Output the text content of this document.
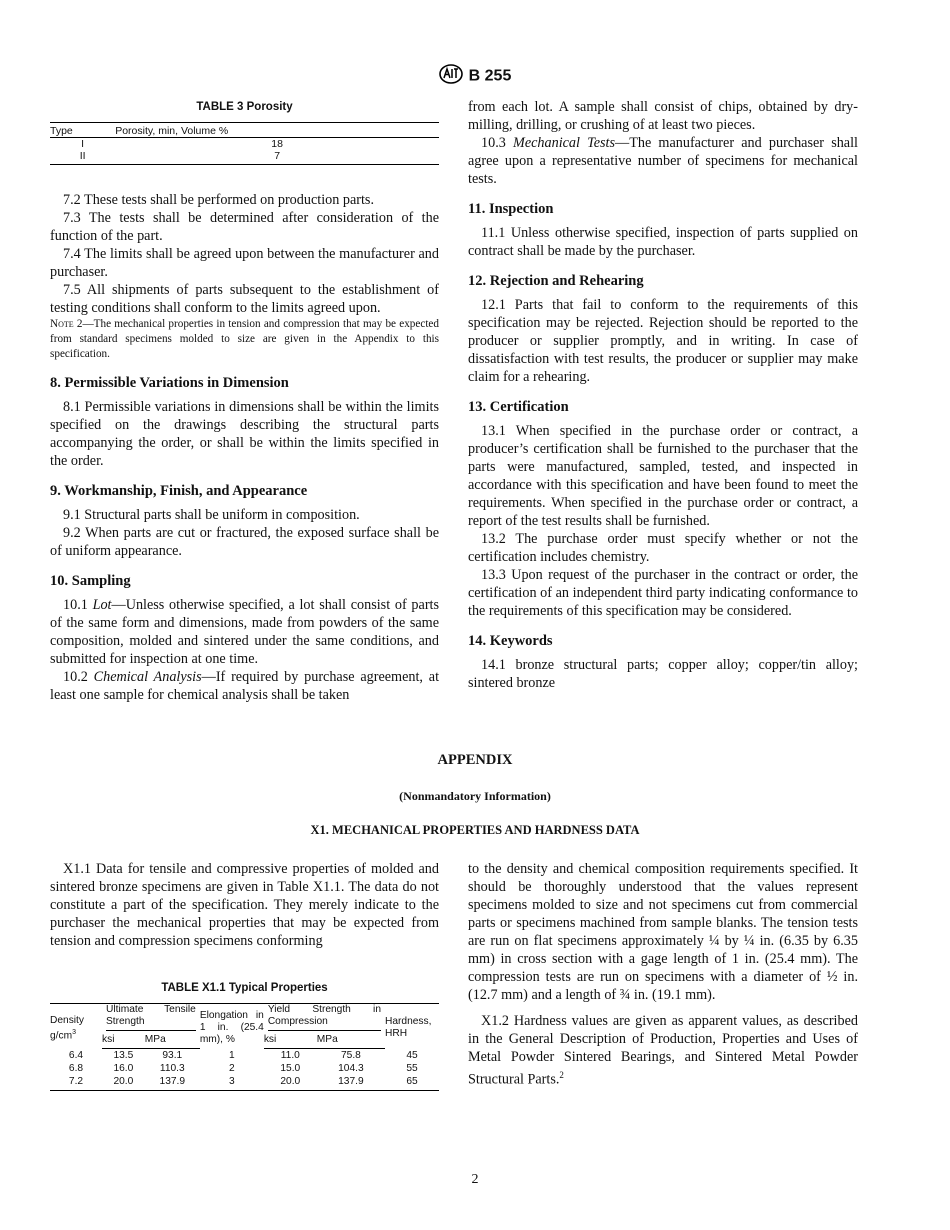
B 255
TABLE 3 Porosity
Type	Porosity, min, Volume %
I	18
II	7

7.2 These tests shall be performed on production parts.

7.3 The tests shall be determined after consideration of the function of the part.

7.4 The limits shall be agreed upon between the manufacturer and purchaser.

7.5 All shipments of parts subsequent to the establishment of testing conditions shall conform to the limits agreed upon.

Note 2—The mechanical properties in tension and compression that may be expected from standard specimens molded to size are given in the Appendix to this specification.

8. Permissible Variations in Dimension

8.1 Permissible variations in dimensions shall be within the limits specified on the drawings describing the structural parts accompanying the order, or shall be within the limits specified in the order.

9. Workmanship, Finish, and Appearance

9.1 Structural parts shall be uniform in composition.

9.2 When parts are cut or fractured, the exposed surface shall be of uniform appearance.

10. Sampling

10.1 Lot—Unless otherwise specified, a lot shall consist of parts of the same form and dimensions, made from powders of the same composition, molded and sintered under the same conditions, and submitted for inspection at one time.

10.2 Chemical Analysis—If required by purchase agreement, at least one sample for chemical analysis shall be taken

from each lot. A sample shall consist of chips, obtained by dry-milling, drilling, or crushing of at least two pieces.

10.3 Mechanical Tests—The manufacturer and purchaser shall agree upon a representative number of specimens for mechanical tests.

11. Inspection

11.1 Unless otherwise specified, inspection of parts supplied on contract shall be made by the purchaser.

12. Rejection and Rehearing

12.1 Parts that fail to conform to the requirements of this specification may be rejected. Rejection should be reported to the producer or supplier promptly, and in writing. In case of dissatisfaction with test results, the producer or supplier may make claim for a rehearing.

13. Certification

13.1 When specified in the purchase order or contract, a producer’s certification shall be furnished to the purchaser that the parts were manufactured, sampled, tested, and inspected in accordance with this specification and have been found to meet the requirements. When specified in the purchase order or contract, a report of the test results shall be furnished.

13.2 The purchase order must specify whether or not the certification includes chemistry.

13.3 Upon request of the purchaser in the contract or order, the certification of an independent third party indicating conformance to the requirements of this specification may be considered.

14. Keywords

14.1 bronze structural parts; copper alloy; copper/tin alloy; sintered bronze

APPENDIX
(Nonmandatory Information)
X1. MECHANICAL PROPERTIES AND HARDNESS DATA

X1.1 Data for tensile and compressive properties of molded and sintered bronze specimens are given in Table X1.1. The data do not constitute a part of the specification. They merely indicate to the purchaser the mechanical properties that may be expected from tension and compression specimens conforming

TABLE X1.1 Typical Properties
Density $g/cm^3$	Ultimate Tensile Strength		Elongation in 1 in. (25.4 mm), %	Yield Strength in Compression		Hardness, HRH
	ksi	MPa		ksi	MPa	
6.4	13.5	93.1	1	11.0	75.8	45
6.8	16.0	110.3	2	15.0	104.3	55
7.2	20.0	137.9	3	20.0	137.9	65

to the density and chemical composition requirements specified. It should be thoroughly understood that the values represent specimens molded to size and not specimens cut from commercial parts or specimens machined from sample blanks. The tension tests are run on flat specimens approximately ¼ by ¼ in. (6.35 by 6.35 mm) in cross section with a gage length of 1 in. (25.4 mm). The compression tests are run on specimens with a diameter of ½ in. (12.7 mm) and a length of ¾ in. (19.1 mm).

X1.2 Hardness values are given as apparent values, as described in the General Description of Production, Properties and Uses of Metal Powder Sintered Bearings, and Sintered Metal Powder Structural Parts.$^2$

2
